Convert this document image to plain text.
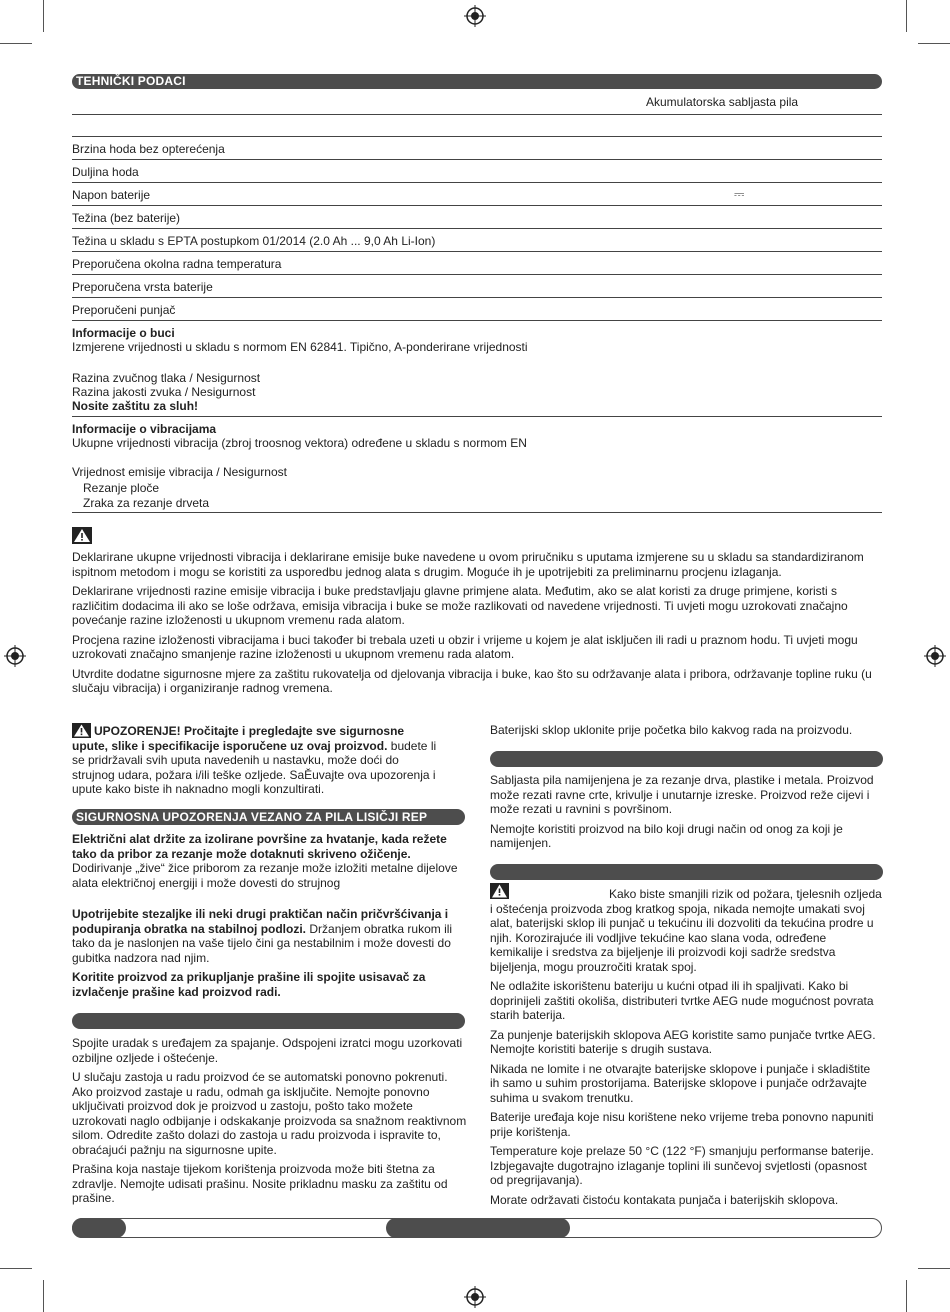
TEHNIČKI PODACI
Akumulatorska sabljasta pila
Brzina hoda bez opterećenja
Duljina hoda
Napon baterije	⎓
Težina (bez baterije)
Težina u skladu s EPTA postupkom 01/2014 (2.0 Ah ... 9,0 Ah Li-Ion)
Preporučena okolna radna temperatura
Preporučena vrsta baterije
Preporučeni punjač
Informacije o buci
Izmjerene vrijednosti u skladu s normom EN 62841. Tipično, A-ponderirane vrijednosti
Razina zvučnog tlaka / Nesigurnost
Razina jakosti zvuka / Nesigurnost
Nosite zaštitu za sluh!
Informacije o vibracijama
Ukupne vrijednosti vibracija (zbroj troosnog vektora) određene u skladu s normom EN
Vrijednost emisije vibracija / Nesigurnost
Rezanje ploče
Zraka za rezanje drveta

Deklarirane ukupne vrijednosti vibracija i deklarirane emisije buke navedene u ovom priručniku s uputama izmjerene su u skladu sa standardiziranom ispitnom metodom i mogu se koristiti za usporedbu jednog alata s drugim. Moguće ih je upotrijebiti za preliminarnu procjenu izlaganja.

Deklarirane vrijednosti razine emisije vibracija i buke predstavljaju glavne primjene alata. Međutim, ako se alat koristi za druge primjene, koristi s različitim dodacima ili ako se loše održava, emisija vibracija i buke se može razlikovati od navedene vrijednosti. Ti uvjeti mogu uzrokovati značajno povećanje razine izloženosti u ukupnom vremenu rada alatom.

Procjena razine izloženosti vibracijama i buci također bi trebala uzeti u obzir i vrijeme u kojem je alat isključen ili radi u praznom hodu. Ti uvjeti mogu uzrokovati značajno smanjenje razine izloženosti u ukupnom vremenu rada alatom.

Utvrdite dodatne sigurnosne mjere za zaštitu rukovatelja od djelovanja vibracija i buke, kao što su održavanje alata i pribora, održavanje topline ruku (u slučaju vibracija) i organiziranje radnog vremena.

UPOZORENJE! Pročitajte i pregledajte sve sigurnosne upute, slike i specifikacije isporučene uz ovaj proizvod. budete li se pridržavali svih uputa navedenih u nastavku, može doći do strujnog udara, požara i/ili teške ozljede. SaĚuvajte ova upozorenja i upute kako biste ih naknadno mogli konzultirati.
SIGURNOSNA UPOZORENJA VEZANO ZA PILA LISIČJI REP
Električni alat držite za izolirane površine za hvatanje, kada režete tako da pribor za rezanje može dotaknuti skriveno ožičenje. Dodirivanje „žive“ žice priborom za rezanje može izložiti metalne dijelove alata električnoj energiji i može dovesti do strujnog

Upotrijebite stezaljke ili neki drugi praktičan način pričvršćivanja i podupiranja obratka na stabilnoj podlozi. Držanjem obratka rukom ili tako da je naslonjen na vaše tijelo čini ga nestabilnim i može dovesti do gubitka nadzora nad njim.

Koritite proizvod za prikupljanje prašine ili spojite usisavač za izvlačenje prašine kad proizvod radi.

Spojite uradak s uređajem za spajanje. Odspojeni izratci mogu uzorkovati ozbiljne ozljede i oštećenje.

U slučaju zastoja u radu proizvod će se automatski ponovno pokrenuti. Ako proizvod zastaje u radu, odmah ga isključite. Nemojte ponovno uključivati proizvod dok je proizvod u zastoju, pošto tako možete uzrokovati naglo odbijanje i odskakanje proizvoda sa snažnom reaktivnom silom. Odredite zašto dolazi do zastoja u radu proizvoda i ispravite to, obraćajući pažnju na sigurnosne upite.

Prašina koja nastaje tijekom korištenja proizvoda može biti štetna za zdravlje. Nemojte udisati prašinu. Nosite prikladnu masku za zaštitu od prašine.

Baterijski sklop uklonite prije početka bilo kakvog rada na proizvodu.

Sabljasta pila namijenjena je za rezanje drva, plastike i metala. Proizvod može rezati ravne crte, krivulje i unutarnje izreske. Proizvod reže cijevi i može rezati u ravnini s površinom.

Nemojte koristiti proizvod na bilo koji drugi način od onog za koji je namijenjen.

Kako biste smanjili rizik od požara, tjelesnih ozljeda i oštećenja proizvoda zbog kratkog spoja, nikada nemojte umakati svoj alat, baterijski sklop ili punjač u tekućinu ili dozvoliti da tekućina prodre u njih. Korozirajuće ili vodljive tekućine kao slana voda, određene kemikalije i sredstva za bijeljenje ili proizvodi koji sadrže sredstva bijeljenja, mogu prouzročiti kratak spoj.

Ne odlažite iskorištenu bateriju u kućni otpad ili ih spaljivati. Kako bi doprinijeli zaštiti okoliša, distributeri tvrtke AEG nude mogućnost povrata starih baterija.

Za punjenje baterijskih sklopova AEG koristite samo punjače tvrtke AEG. Nemojte koristiti baterije s drugih sustava.

Nikada ne lomite i ne otvarajte baterijske sklopove i punjače i skladištite ih samo u suhim prostorijama. Baterijske sklopove i punjače održavajte suhima u svakom trenutku.

Baterije uređaja koje nisu korištene neko vrijeme treba ponovno napuniti prije korištenja.

Temperature koje prelaze 50 °C (122 °F) smanjuju performanse baterije. Izbjegavajte dugotrajno izlaganje toplini ili sunčevoj svjetlosti (opasnost od pregrijavanja).

Morate održavati čistoću kontakata punjača i baterijskih sklopova.
